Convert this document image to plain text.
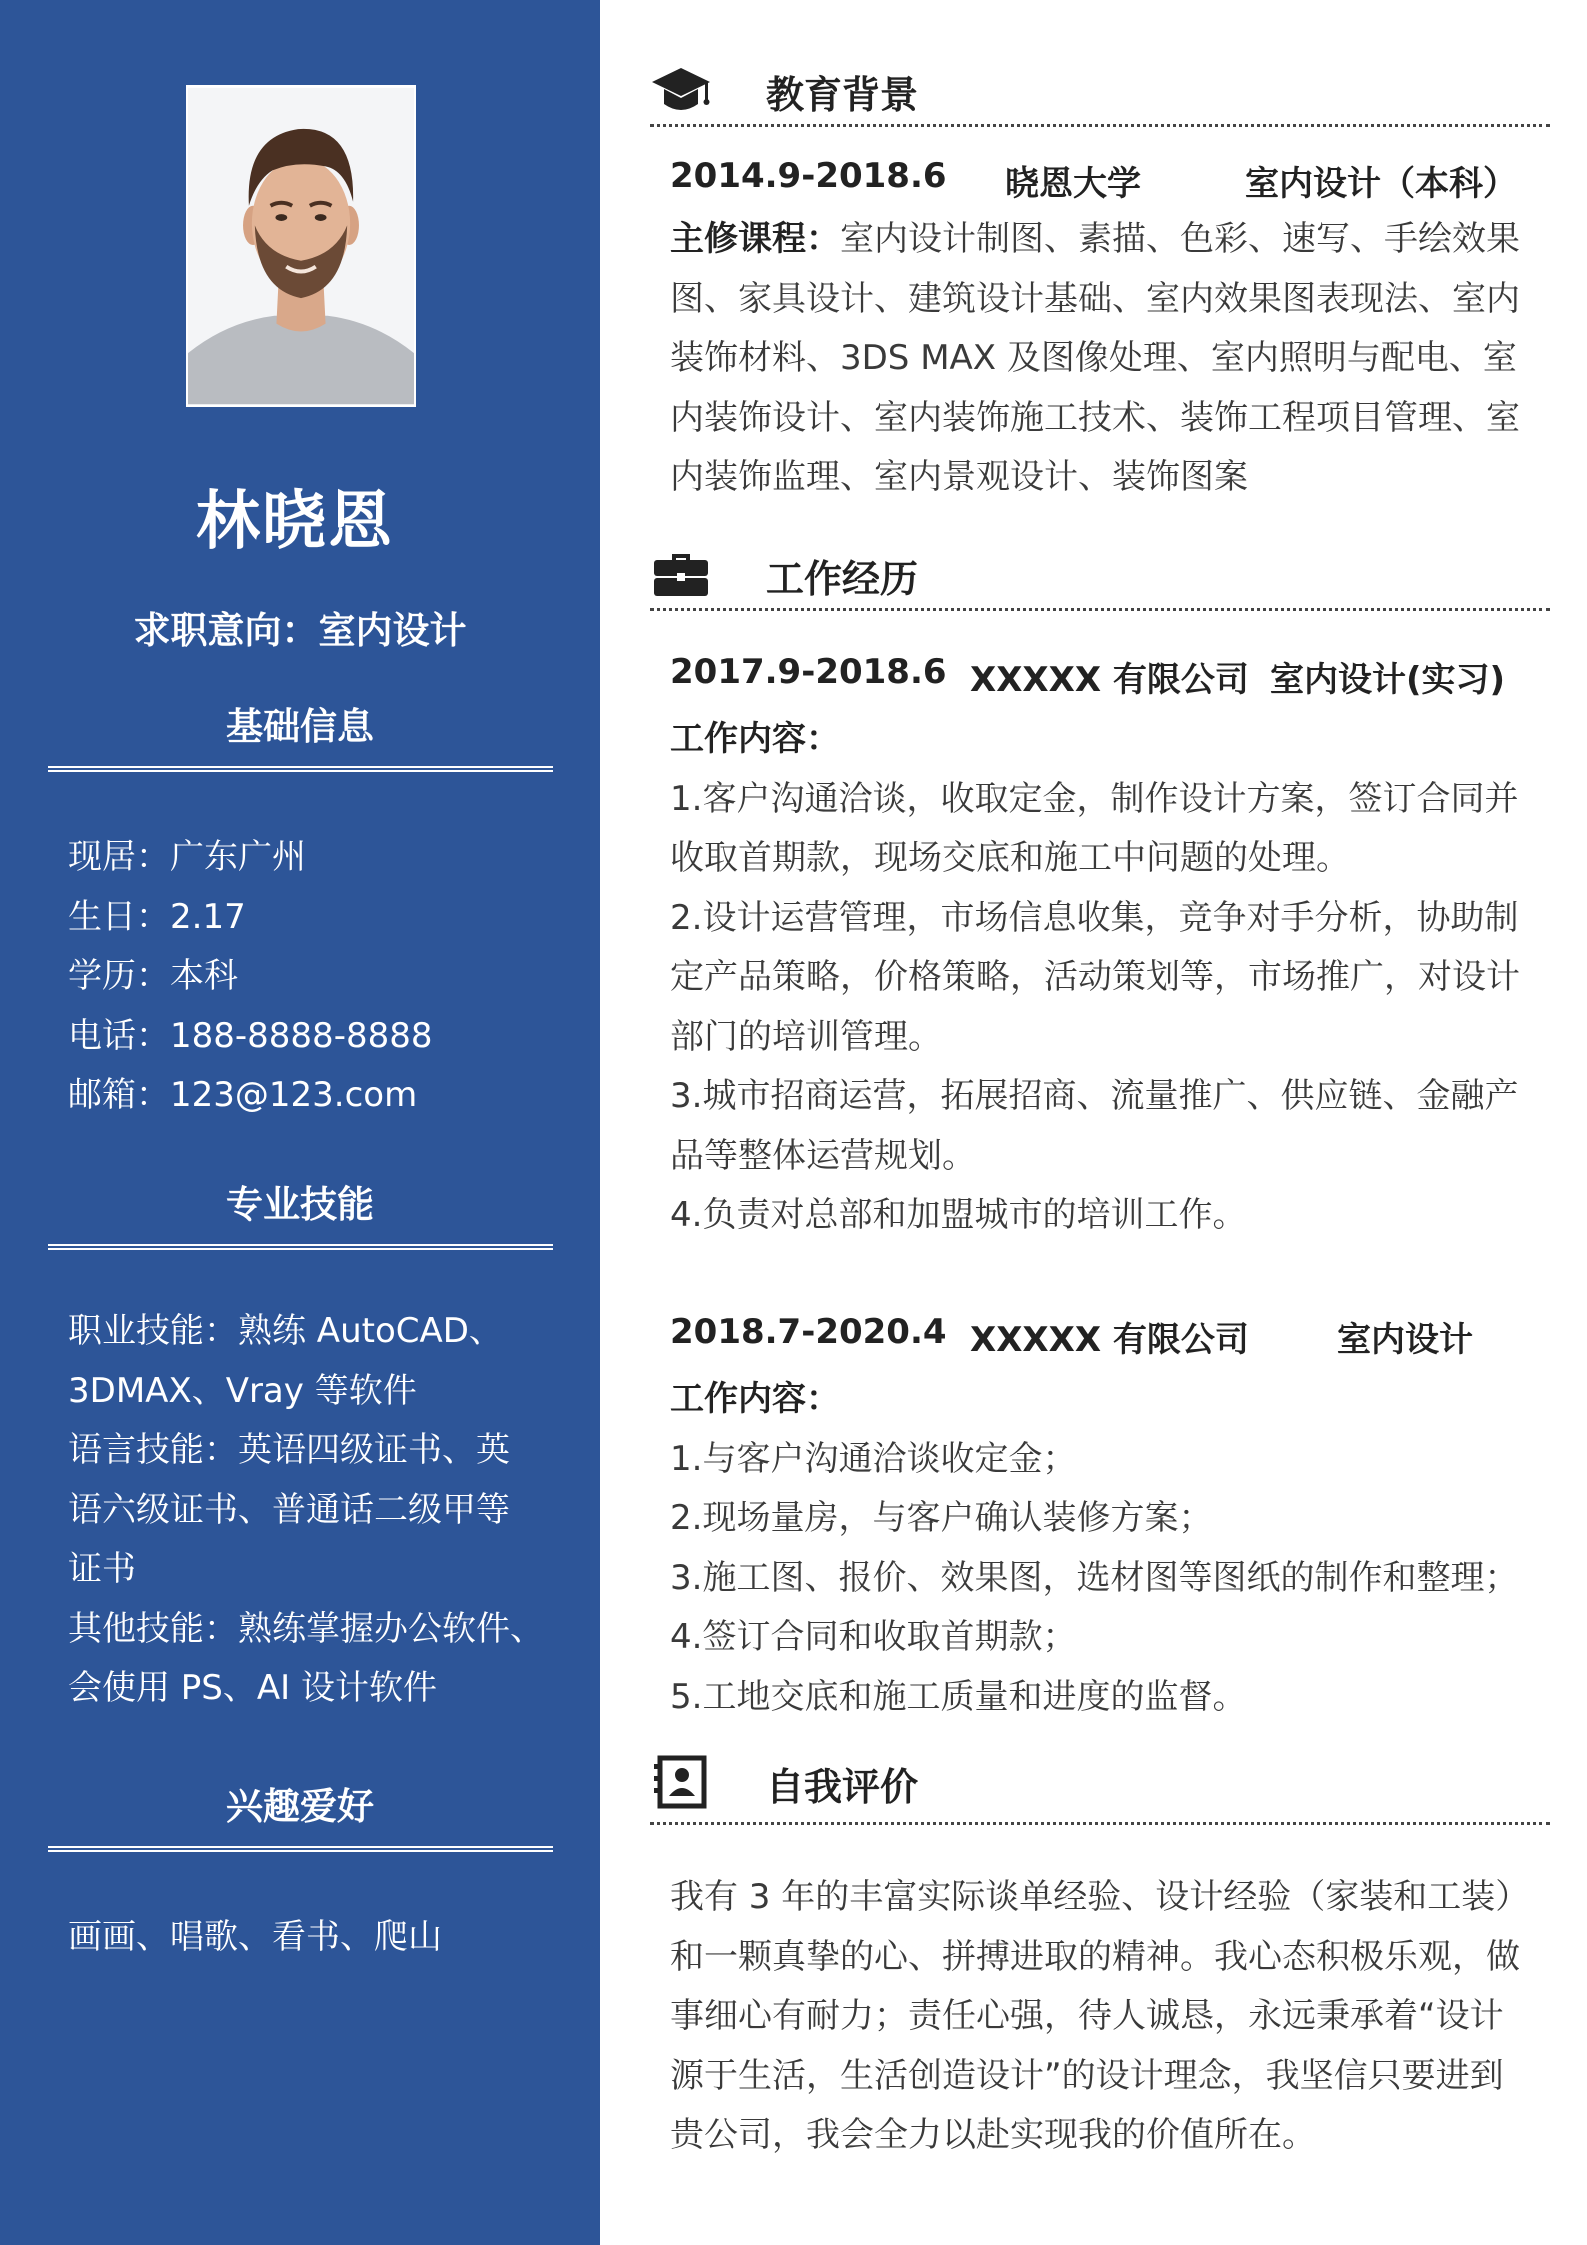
林晓恩
求职意向：室内设计
基础信息
现居：广东广州
生日：2.17
学历：本科
电话：188-8888-8888
邮箱：123@123.com
专业技能
职业技能：熟练 AutoCAD、
3DMAX、Vray 等软件
语言技能：英语四级证书、英
语六级证书、普通话二级甲等
证书
其他技能：熟练掌握办公软件、
会使用 PS、AI 设计软件
兴趣爱好
画画、唱歌、看书、爬山
教育背景
2014.9-2018.6 晓恩大学	室内设计（本科）
主修课程：室内设计制图、素描、色彩、速写、手绘效果
图、家具设计、建筑设计基础、室内效果图表现法、室内
装饰材料、3DS MAX 及图像处理、室内照明与配电、室
内装饰设计、室内装饰施工技术、装饰工程项目管理、室
内装饰监理、室内景观设计、装饰图案
工作经历
2017.9-2018.6 XXXXX 有限公司 室内设计(实习)
工作内容：
1.客户沟通洽谈，收取定金，制作设计方案，签订合同并
收取首期款，现场交底和施工中问题的处理。
2.设计运营管理，市场信息收集，竞争对手分析，协助制
定产品策略，价格策略，活动策划等，市场推广，对设计
部门的培训管理。
3.城市招商运营，拓展招商、流量推广、供应链、金融产
品等整体运营规划。
4.负责对总部和加盟城市的培训工作。
2018.7-2020.4 XXXXX 有限公司	室内设计
工作内容：
1.与客户沟通洽谈收定金；
2.现场量房，与客户确认装修方案；
3.施工图、报价、效果图，选材图等图纸的制作和整理；
4.签订合同和收取首期款；
5.工地交底和施工质量和进度的监督。
自我评价
我有 3 年的丰富实际谈单经验、设计经验（家装和工装）
和一颗真挚的心、拼搏进取的精神。我心态积极乐观，做
事细心有耐力；责任心强，待人诚恳，永远秉承着“设计
源于生活，生活创造设计”的设计理念，我坚信只要进到
贵公司，我会全力以赴实现我的价值所在。
